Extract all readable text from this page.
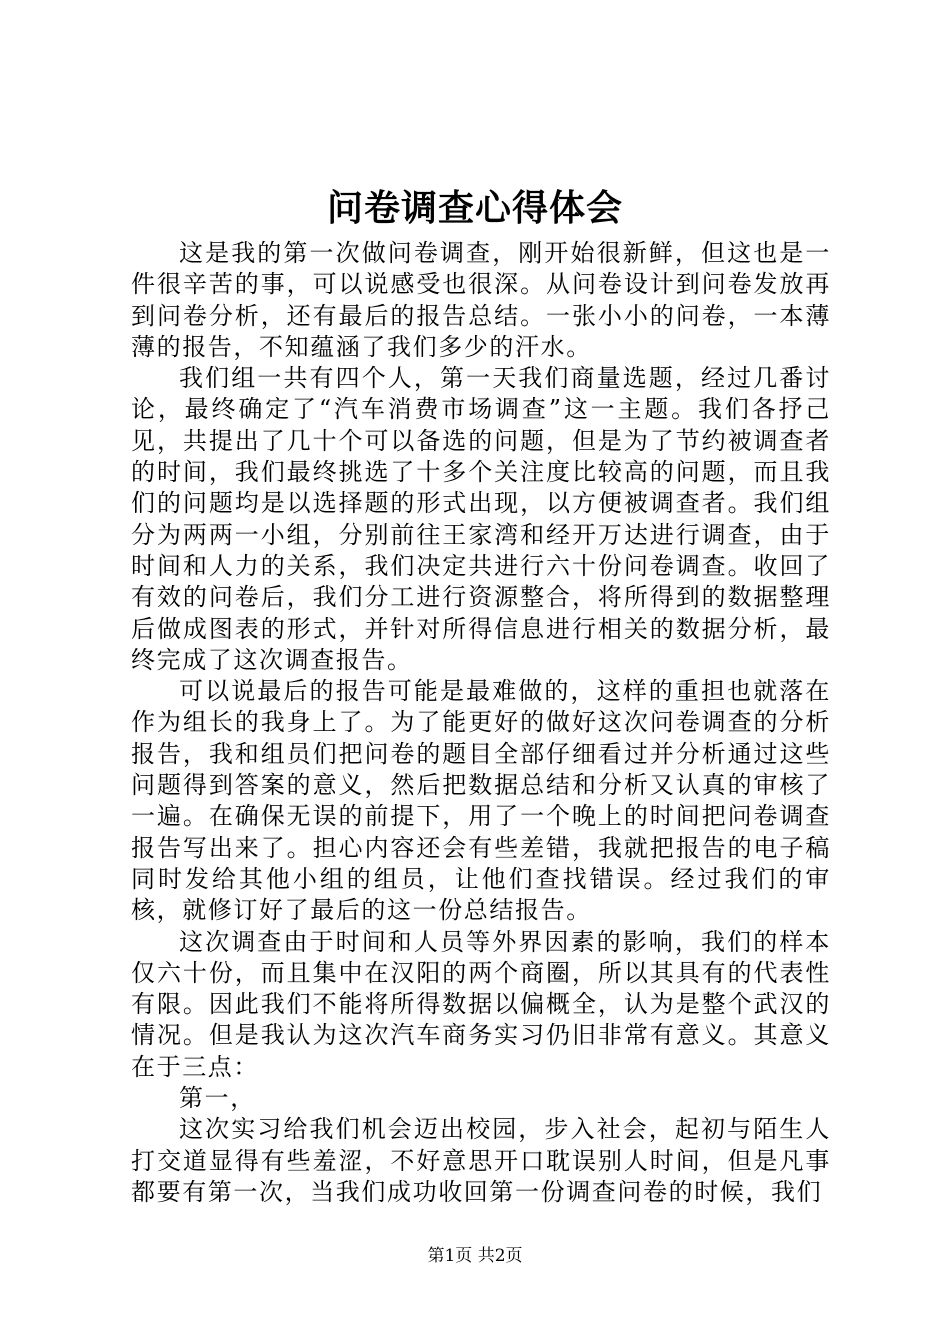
问卷调查心得体会

这是我的第一次做问卷调查，刚开始很新鲜，但这也是一件很辛苦的事，可以说感受也很深。从问卷设计到问卷发放再到问卷分析，还有最后的报告总结。一张小小的问卷，一本薄薄的报告，不知蕴涵了我们多少的汗水。

我们组一共有四个人，第一天我们商量选题，经过几番讨论，最终确定了“汽车消费市场调查”这一主题。我们各抒己见，共提出了几十个可以备选的问题，但是为了节约被调查者的时间，我们最终挑选了十多个关注度比较高的问题，而且我们的问题均是以选择题的形式出现，以方便被调查者。我们组分为两两一小组，分别前往王家湾和经开万达进行调查，由于时间和人力的关系，我们决定共进行六十份问卷调查。收回了有效的问卷后，我们分工进行资源整合，将所得到的数据整理后做成图表的形式，并针对所得信息进行相关的数据分析，最终完成了这次调查报告。

可以说最后的报告可能是最难做的，这样的重担也就落在作为组长的我身上了。为了能更好的做好这次问卷调查的分析报告，我和组员们把问卷的题目全部仔细看过并分析通过这些问题得到答案的意义，然后把数据总结和分析又认真的审核了一遍。在确保无误的前提下，用了一个晚上的时间把问卷调查报告写出来了。担心内容还会有些差错，我就把报告的电子稿同时发给其他小组的组员，让他们查找错误。经过我们的审核，就修订好了最后的这一份总结报告。

这次调查由于时间和人员等外界因素的影响，我们的样本仅六十份，而且集中在汉阳的两个商圈，所以其具有的代表性有限。因此我们不能将所得数据以偏概全，认为是整个武汉的情况。但是我认为这次汽车商务实习仍旧非常有意义。其意义在于三点：

第一，

这次实习给我们机会迈出校园，步入社会，起初与陌生人打交道显得有些羞涩，不好意思开口耽误别人时间，但是凡事都要有第一次，当我们成功收回第一份调查问卷的时候，我们

第1页 共2页
